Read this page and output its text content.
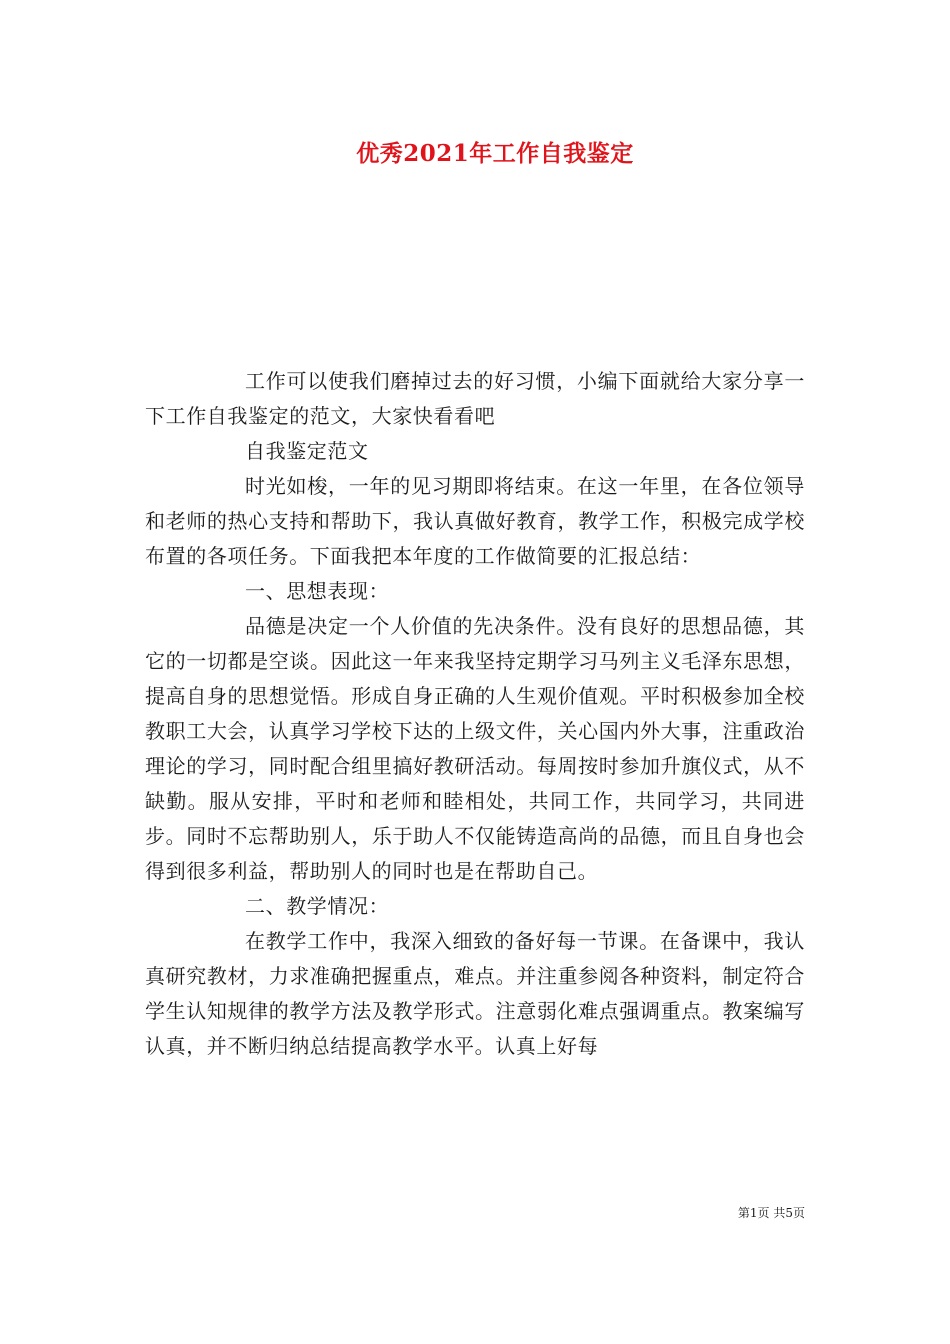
优秀2021年工作自我鉴定

工作可以使我们磨掉过去的好习惯，小编下面就给大家分享一下工作自我鉴定的范文，大家快看看吧

自我鉴定范文

时光如梭，一年的见习期即将结束。在这一年里，在各位领导和老师的热心支持和帮助下，我认真做好教育，教学工作，积极完成学校布置的各项任务。下面我把本年度的工作做简要的汇报总结：

一、思想表现：

品德是决定一个人价值的先决条件。没有良好的思想品德，其它的一切都是空谈。因此这一年来我坚持定期学习马列主义毛泽东思想，提高自身的思想觉悟。形成自身正确的人生观价值观。平时积极参加全校教职工大会，认真学习学校下达的上级文件，关心国内外大事，注重政治理论的学习，同时配合组里搞好教研活动。每周按时参加升旗仪式，从不缺勤。服从安排，平时和老师和睦相处，共同工作，共同学习，共同进步。同时不忘帮助别人，乐于助人不仅能铸造高尚的品德，而且自身也会得到很多利益，帮助别人的同时也是在帮助自己。

二、教学情况：

在教学工作中，我深入细致的备好每一节课。在备课中，我认真研究教材，力求准确把握重点，难点。并注重参阅各种资料，制定符合学生认知规律的教学方法及教学形式。注意弱化难点强调重点。教案编写认真，并不断归纳总结提高教学水平。认真上好每

第1页 共5页
